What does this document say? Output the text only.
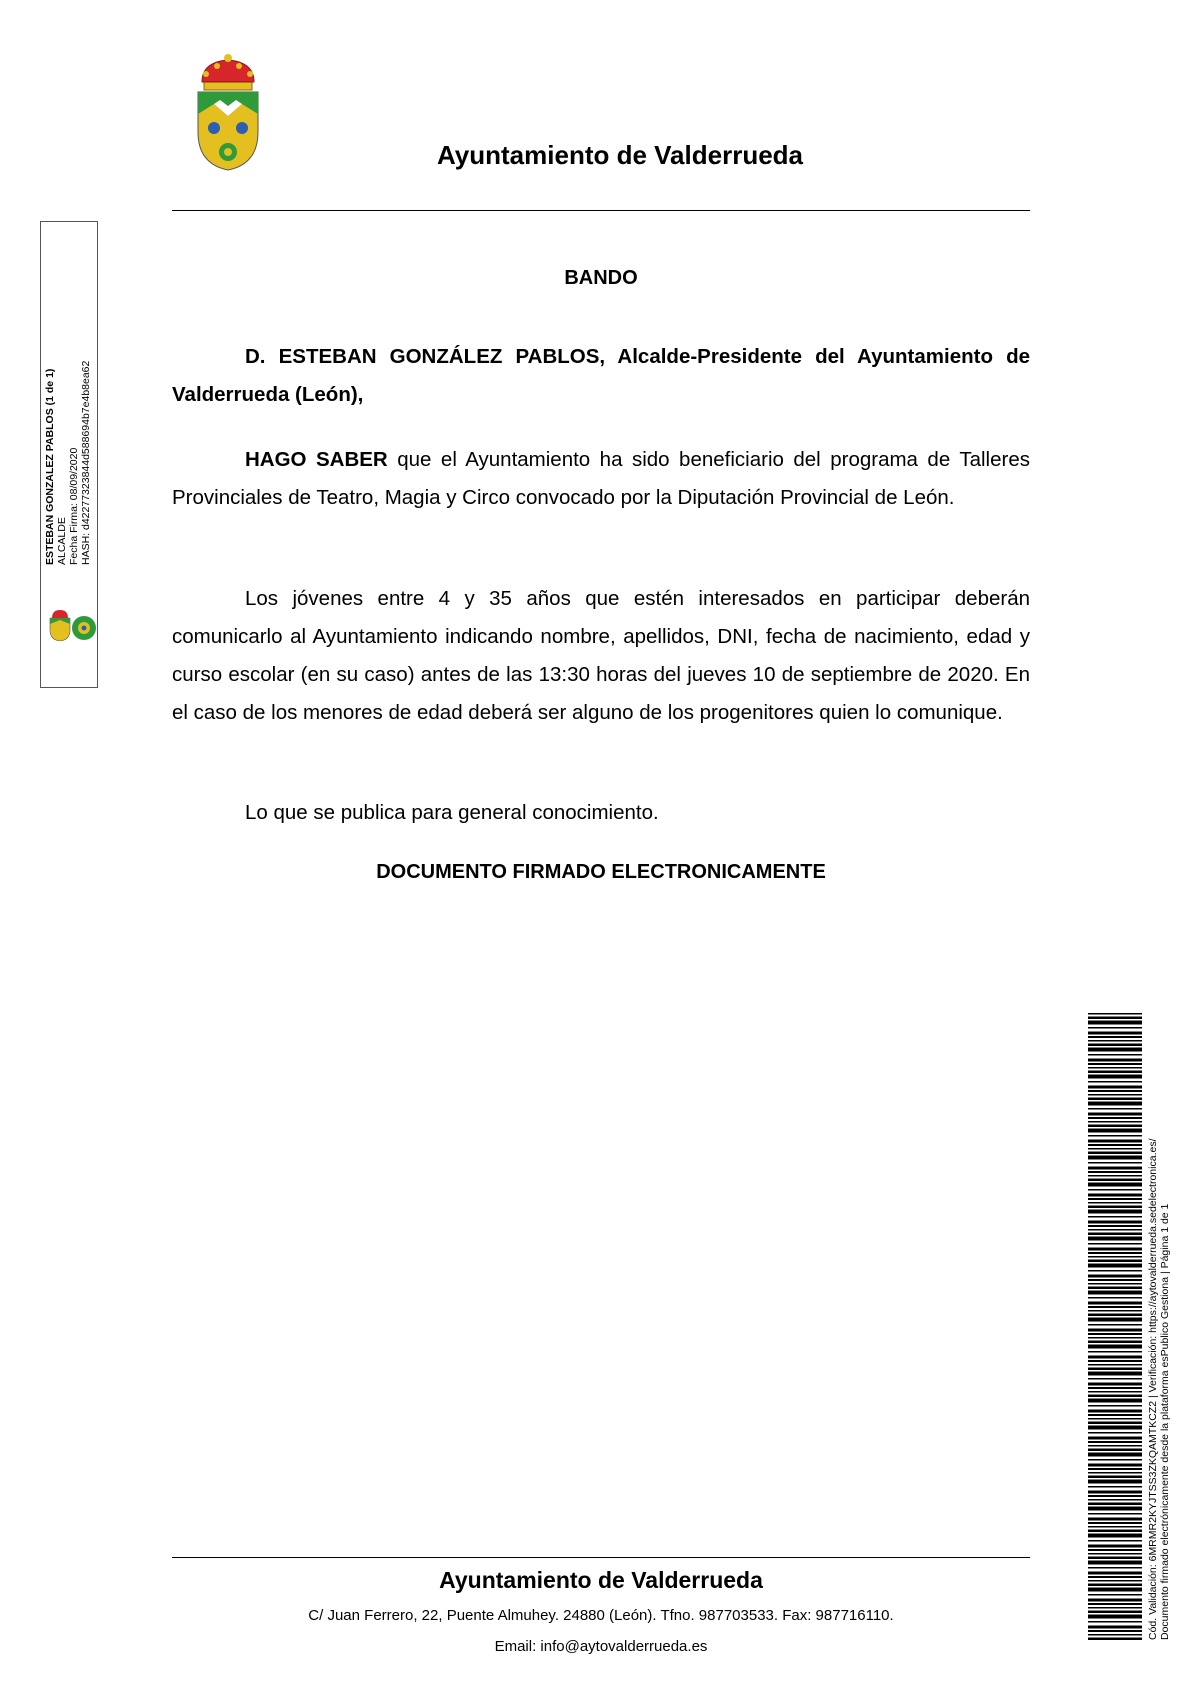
Ayuntamiento de Valderrueda
ESTEBAN GONZALEZ PABLOS (1 de 1) ALCALDE Fecha Firma: 08/09/2020 HASH: d42277323844d588694b7e4b8ea62
BANDO
D. ESTEBAN GONZÁLEZ PABLOS, Alcalde-Presidente del Ayuntamiento de Valderrueda (León),
HAGO SABER que el Ayuntamiento ha sido beneficiario del programa de Talleres Provinciales de Teatro, Magia y Circo convocado por la Diputación Provincial de León.
Los jóvenes entre 4 y 35 años que estén interesados en participar deberán comunicarlo al Ayuntamiento indicando nombre, apellidos, DNI, fecha de nacimiento, edad y curso escolar (en su caso) antes de las 13:30 horas del jueves 10 de septiembre de 2020. En el caso de los menores de edad deberá ser alguno de los progenitores quien lo comunique.
Lo que se publica para general conocimiento.
DOCUMENTO FIRMADO ELECTRONICAMENTE
Cód. Validación: 6MRMR2KYJTSS3ZKQAMTKCZ2 | Verificación: https://aytovalderrueda.sedelectronica.es/ Documento firmado electrónicamente desde la plataforma esPublico Gestiona | Página 1 de 1
Ayuntamiento de Valderrueda
C/ Juan Ferrero, 22, Puente Almuhey. 24880 (León). Tfno. 987703533. Fax: 987716110.
Email: info@aytovalderrueda.es
